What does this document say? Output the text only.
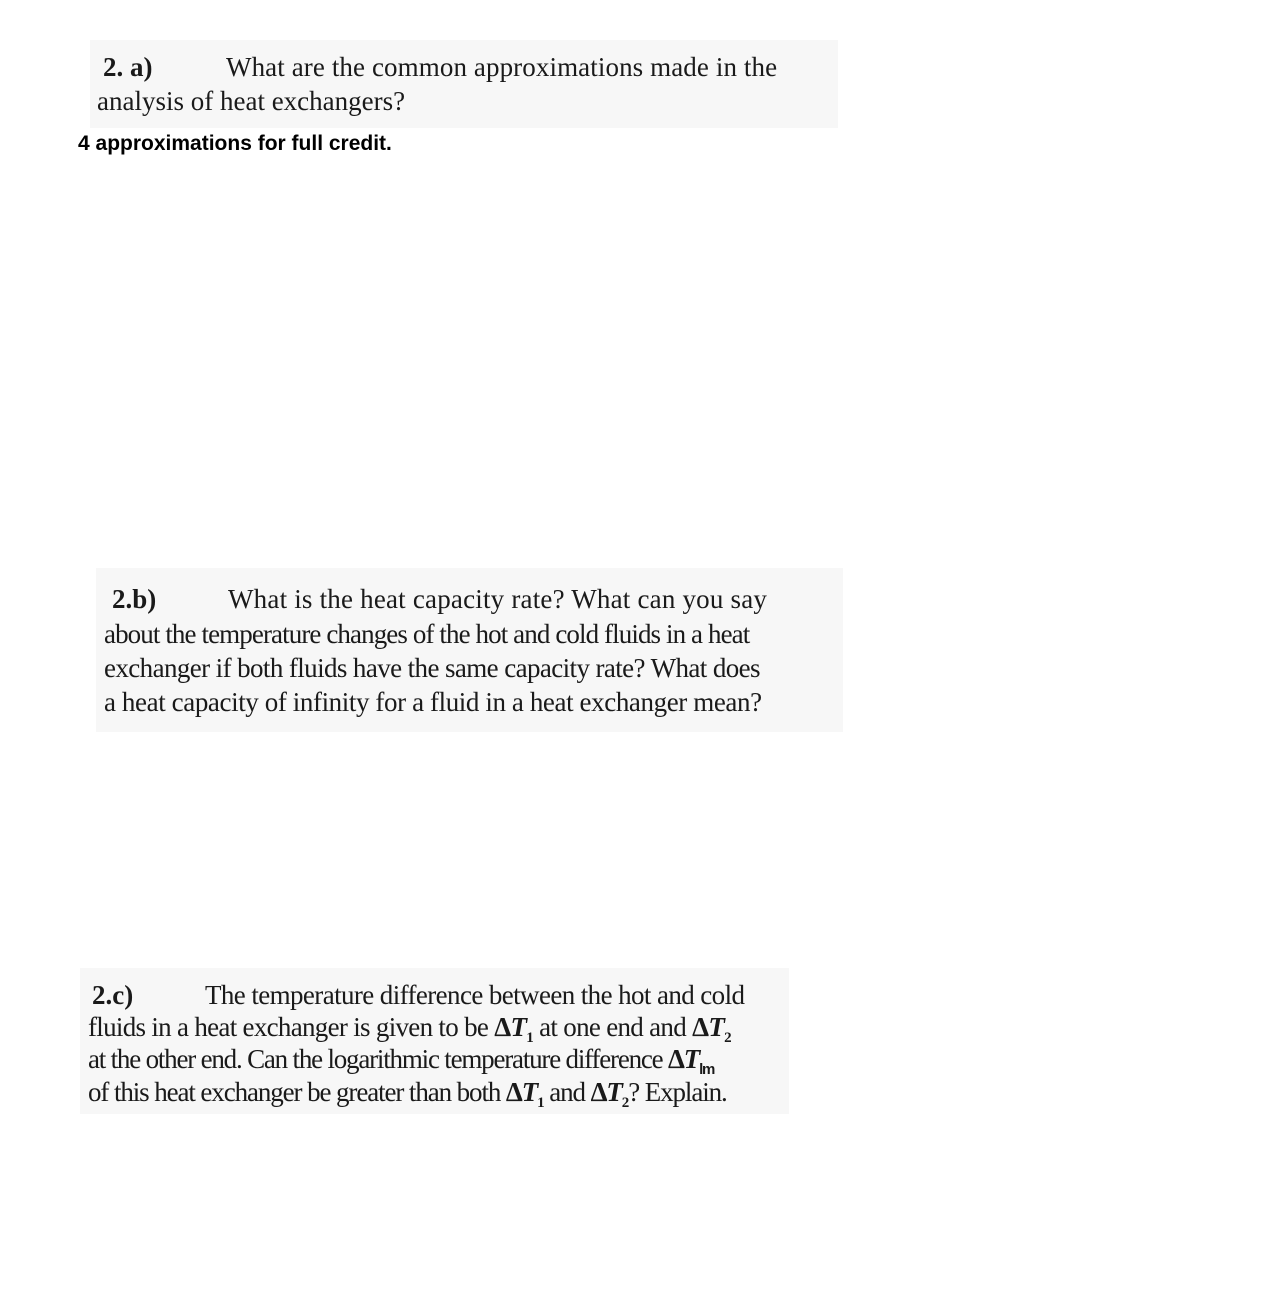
2. a)	What are the common approximations made in the
analysis of heat exchangers?
4 approximations for full credit.
2.b)	What is the heat capacity rate? What can you say
about the temperature changes of the hot and cold fluids in a heat
exchanger if both fluids have the same capacity rate? What does
a heat capacity of infinity for a fluid in a heat exchanger mean?
2.c)	The temperature difference between the hot and cold
fluids in a heat exchanger is given to be $\Delta T_1$ at one end and $\Delta T_2$
at the other end. Can the logarithmic temperature difference $\Delta T_{lm}$
of this heat exchanger be greater than both $\Delta T_1$ and $\Delta T_2$? Explain.
